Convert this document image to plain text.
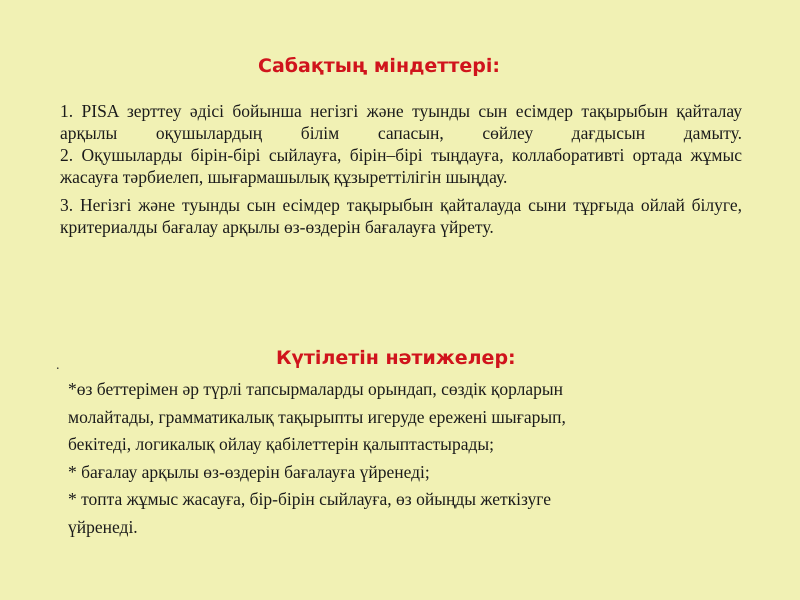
Сабақтың міндеттері:

1. PISA зерттеу әдісі бойынша негізгі және туынды сын есімдер тақырыбын қайталау арқылы оқушылардың білім сапасын, сөйлеу дағдысын дамыту.

2. Оқушыларды бірін-бірі сыйлауға, бірін–бірі тыңдауға, коллаборативті ортада жұмыс жасауға тәрбиелеп, шығармашылық құзыреттілігін шыңдау.

3. Негізгі және туынды сын есімдер тақырыбын қайталауда сыни тұрғыда ойлай білуге, критериалды бағалау арқылы өз-өздерін бағалауға үйрету.

.	Күтілетін нәтижелер:

*өз беттерімен әр түрлі тапсырмаларды орындап, сөздік қорларын

молайтады, грамматикалық тақырыпты игеруде ережені шығарып,

бекітеді, логикалық ойлау қабілеттерін қалыптастырады;

* бағалау арқылы өз-өздерін бағалауға үйренеді;

* топта жұмыс жасауға, бір-бірін сыйлауға, өз ойыңды жеткізуге

үйренеді.
